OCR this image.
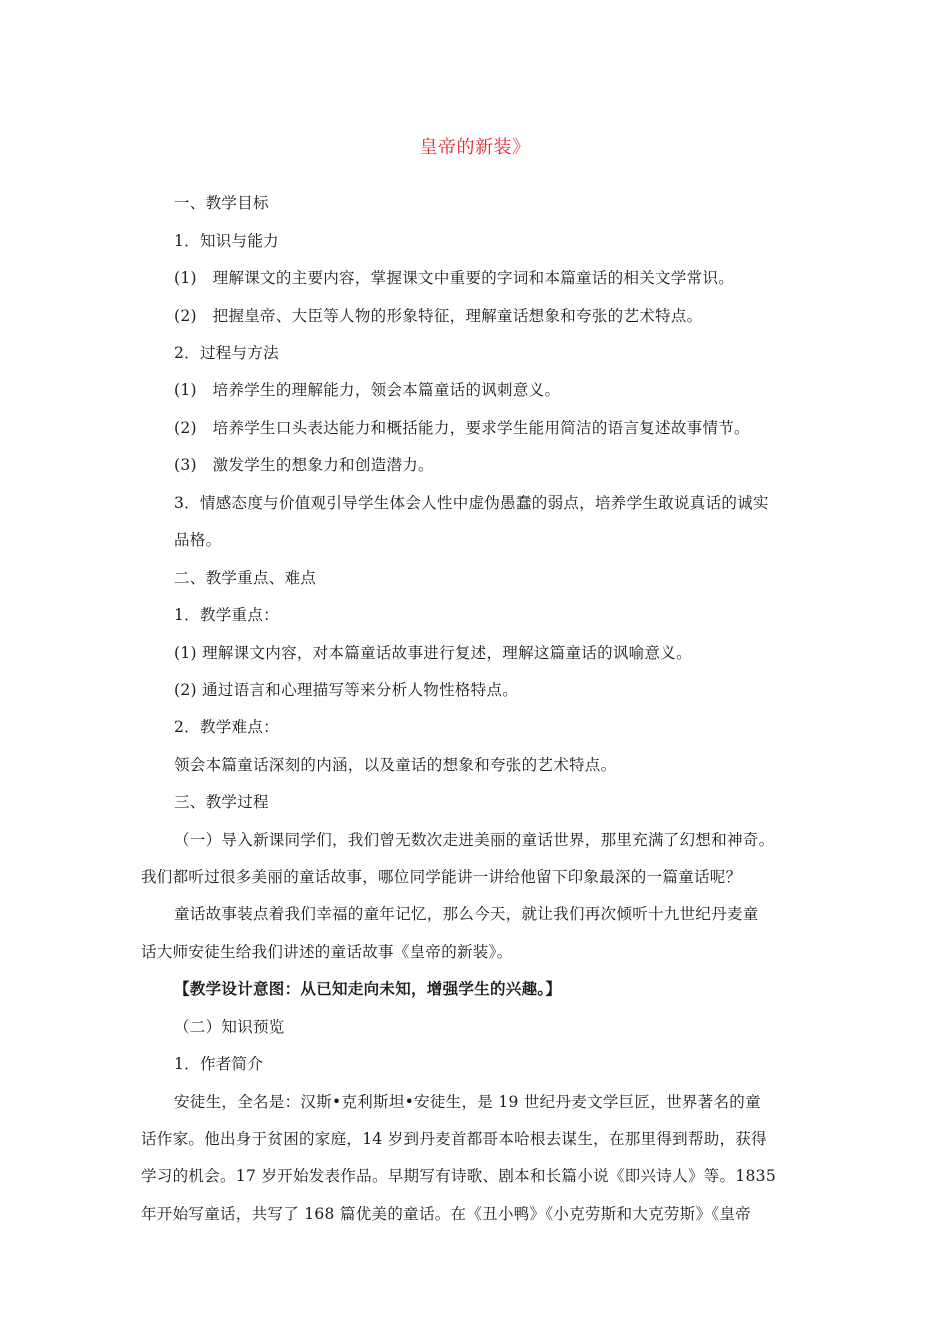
皇帝的新装》
一、教学目标
1．知识与能力
(1)　理解课文的主要内容，掌握课文中重要的字词和本篇童话的相关文学常识。
(2)　把握皇帝、大臣等人物的形象特征，理解童话想象和夸张的艺术特点。
2．过程与方法
(1)　培养学生的理解能力，领会本篇童话的讽刺意义。
(2)　培养学生口头表达能力和概括能力，要求学生能用简洁的语言复述故事情节。
(3)　激发学生的想象力和创造潜力。
3．情感态度与价值观引导学生体会人性中虚伪愚蠢的弱点，培养学生敢说真话的诚实
品格。
二、教学重点、难点
1．教学重点：
(1) 理解课文内容，对本篇童话故事进行复述，理解这篇童话的讽喻意义。
(2) 通过语言和心理描写等来分析人物性格特点。
2．教学难点：
领会本篇童话深刻的内涵，以及童话的想象和夸张的艺术特点。
三、教学过程
（一）导入新课同学们，我们曾无数次走进美丽的童话世界，那里充满了幻想和神奇。
我们都听过很多美丽的童话故事，哪位同学能讲一讲给他留下印象最深的一篇童话呢？
童话故事装点着我们幸福的童年记忆，那么今天，就让我们再次倾听十九世纪丹麦童
话大师安徒生给我们讲述的童话故事《皇帝的新装》。
【教学设计意图：从已知走向未知，增强学生的兴趣。】
（二）知识预览
1．作者简介
安徒生，全名是：汉斯•克利斯坦•安徒生，是 19 世纪丹麦文学巨匠，世界著名的童
话作家。他出身于贫困的家庭，14 岁到丹麦首都哥本哈根去谋生，在那里得到帮助，获得
学习的机会。17 岁开始发表作品。早期写有诗歌、剧本和长篇小说《即兴诗人》等。1835
年开始写童话，共写了 168 篇优美的童话。在《丑小鸭》《小克劳斯和大克劳斯》《皇帝
